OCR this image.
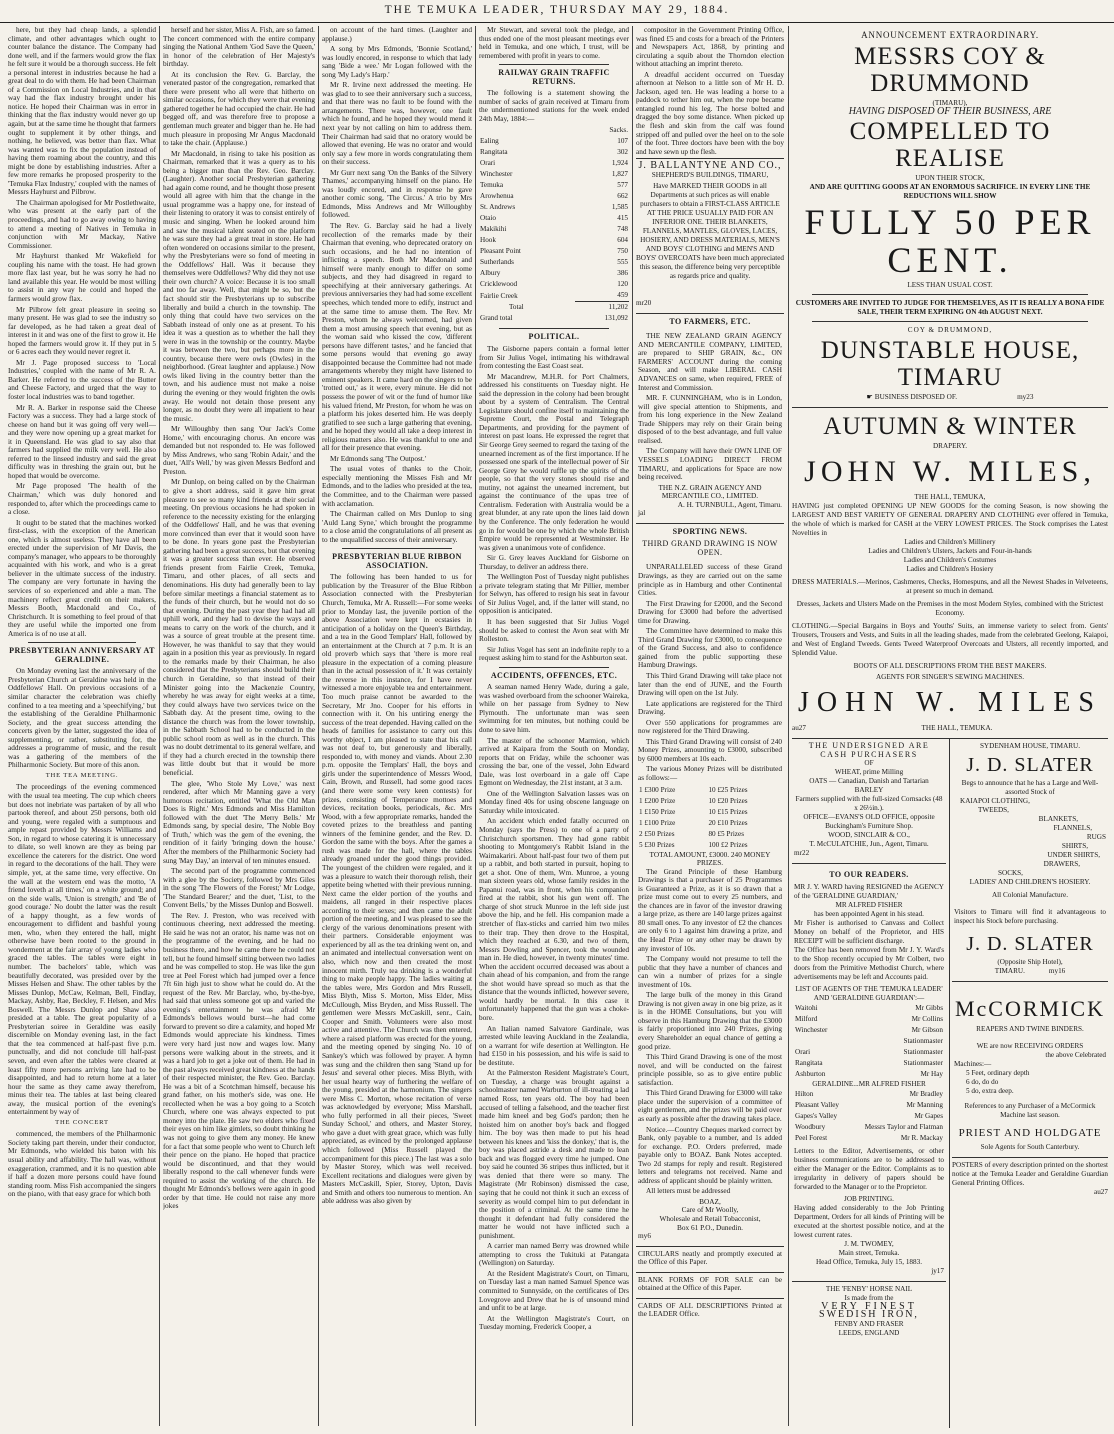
THE TEMUKA LEADER, THURSDAY MAY 29, 1884.

here, but they had cheap lands, a splendid climate, and other advantages which ought to counter balance the distance. The Company had done well, and if the farmers would grow the flax he felt sure it would be a thorough success. He felt a personal interest in industries because he had a great deal to do with them. He had been Chairman of a Commission on Local Industries, and in that way had the flax industry brought under his notice. He hoped their Chairman was in error in thinking that the flax industry would never go up again, but at the same time he thought that farmers ought to supplement it by other things, and nothing, he believed, was better than flax. What was wanted was to fix the population instead of having them roaming about the country, and this might be done by establishing industries. After a few more remarks he proposed prosperity to the 'Temuka Flax Industry,' coupled with the names of Messrs Hayhurst and Pilbrow.

The Chairman apologised for Mr Postlethwaite, who was present at the early part of the proceedings, and had to go away owing to having to attend a meeting of Natives in Temuka in conjunction with Mr Mackay, Native Commissioner.

Mr Hayhurst thanked Mr Wakefield for coupling his name with the toast. He had grown more flax last year, but he was sorry he had no land available this year. He would be most willing to assist in any way he could and hoped the farmers would grow flax.

Mr Pilbrow felt great pleasure in seeing so many present. He was glad to see the industry so far developed, as he had taken a great deal of interest in it and was one of the first to grow it. He hoped the farmers would grow it. If they put in 5 or 6 acres each they would never regret it.

Mr J. Page proposed success to 'Local Industries,' coupled with the name of Mr R. A. Barker. He referred to the success of the Butter and Cheese Factory, and urged that the way to foster local industries was to band together.

Mr R. A. Barker in response said the Cheese Factory was a success. They had a large stock of cheese on hand but it was going off very well—and they were now opening up a great market for it in Queensland. He was glad to say also that farmers had supplied the milk very well. He also referred to the linseed industry and said the great difficulty was in threshing the grain out, but he hoped that would be overcome.

Mr Page proposed 'The health of the Chairman,' which was duly honored and responded to, after which the proceedings came to a close.

It ought to be stated that the machines worked first-class, with the exception of the American one, which is almost useless. They have all been erected under the supervision of Mr Davis, the company's manager, who appears to be thoroughly acquainted with his work, and who is a great believer in the ultimate success of the industry. The company are very fortunate in having the services of so experienced and able a man. The machinery reflect great credit on their makers, Messrs Booth, Macdonald and Co., of Christchurch. It is something to feel proud of that they are useful while the imported one from America is of no use at all.

PRESBYTERIAN ANNIVERSARY AT GERALDINE.

On Monday evening last the anniversary of the Presbyterian Church at Geraldine was held in the Oddfellows' Hall. On previous occasions of a similar character the celebration was chiefly confined to a tea meeting and a 'speechifying,' but the establishing of the Geraldine Philharmonic Society, and the great success attending the concerts given by the latter, suggested the idea of supplementing, or rather, substituting for, the addresses a programme of music, and the result was a gathering of the members of the Philharmonic Society. But more of this anon.

THE TEA MEETING.

The proceedings of the evening commenced with the usual tea meeting. The cup which cheers but does not inebriate was partaken of by all who partook thereof, and about 250 persons, both old and young, were regaled with a sumptuous and ample repast provided by Messrs Williams and Son, in regard to whose catering it is unnecessary to dilate, so well known are they as being par excellence the caterers for the district. One word in regard to the decorations of the hall. They were simple, yet, at the same time, very effective. On the wall at the western end was the motto, 'A friend loveth at all times,' on a white ground; and on the side walls, 'Union is strength,' and 'Be of good courage.' No doubt the latter was the result of a happy thought, as a few words of encouragement to diffident and bashful young men, who, when they entered the hall, might otherwise have been rooted to the ground in wonderment at the fair array of young ladies who graced the tables. The tables were eight in number. The bachelors' table, which was beautifully decorated, was presided over by the Misses Helsen and Shaw. The other tables by the Misses Dunlop, McCaw, Kelman, Bell, Findlay, Mackay, Ashby, Rae, Beckley, F. Helsen, and Mrs Boswell. The Messrs Dunlop and Shaw also presided at a table. The great popularity of a Presbyterian soiree in Geraldine was easily discernible on Monday evening last, in the fact that the tea commenced at half-past five p.m. punctually, and did not conclude till half-past seven, and even after the tables were cleared at least fifty more persons arriving late had to be disappointed, and had to return home at a later hour the same as they came away therefrom, minus their tea. The tables at last being cleared away, the musical portion of the evening's entertainment by way of

THE CONCERT

commenced, the members of the Philharmonic Society taking part therein, under their conductor, Mr Edmonds, who wielded his baton with his usual ability and affability. The hall was, without exaggeration, crammed, and it is no question able if half a dozen more persons could have found standing room. Miss Fish accompanied the singers on the piano, with that easy grace for which both

herself and her sister, Miss A. Fish, are so famed. The concert commenced with the entire company singing the National Anthem 'God Save the Queen,' in honor of the celebration of Her Majesty's birthday.

At its conclusion the Rev. G. Barclay, the venerated pastor of the congregation, remarked that there were present who all were that hitherto on similar occasions, for which they were that evening gathered together he had occupied the chair. He had begged off, and was therefore free to propose a gentleman much greater and bigger than he. He had much pleasure in proposing Mr Angus Macdonald to take the chair. (Applause.)

Mr Macdonald, in rising to take his position as Chairman, remarked that it was a query as to his being a bigger man than the Rev. Geo. Barclay. (Laughter). Another social Presbyterian gathering had again come round, and he thought those present would all agree with him that the change in the usual programme was a happy one, for instead of their listening to oratory it was to consist entirely of music and singing. When he looked around him and saw the musical talent seated on the platform he was sure they had a great treat in store. He had often wondered on occasions similar to the present, why the Presbyterians were so fond of meeting in the Oddfellows' Hall. Was it because they themselves were Oddfellows? Why did they not use their own church? A voice: Because it is too small and too far away. Well, that might be so, but the fact should stir the Presbyterians up to subscribe liberally and build a church in the township. The only thing that could have two services on the Sabbath instead of only one as at present. To his idea it was a question as to whether the hall they were in was in the township or the country. Maybe it was between the two, but perhaps more in the country, because there were owls (Owles) in the neighborhood. (Great laughter and applause.) Now owls liked living in the country better than the town, and his audience must not make a noise during the evening or they would frighten the owls away. He would not detain those present any longer, as no doubt they were all impatient to hear the music.

Mr Willoughby then sang 'Our Jack's Come Home,' with encouraging chorus. An encore was demanded but not responded to. He was followed by Miss Andrews, who sang 'Robin Adair,' and the duet, 'All's Well,' by was given Messrs Bedford and Preston.

Mr Dunlop, on being called on by the Chairman to give a short address, said it gave him great pleasure to see so many kind friends at their social meeting. On previous occasions he had spoken in reference to the necessity existing for the enlarging of the Oddfellows' Hall, and he was that evening more convinced than ever that it would soon have to be done. In years gone past the Presbyterian gathering had been a great success, but that evening it was a greater success than ever. He observed friends present from Fairlie Creek, Temuka, Timaru, and other places, of all sects and denominations. His duty had generally been to lay before similar meetings a financial statement as to the funds of their church, but he would not do so that evening. During the past year they had had all uphill work, and they had to devise the ways and means to carry on the work of the church, and it was a source of great trouble at the present time. However, he was thankful to say that they would again in a position this year as previously. In regard to the remarks made by their Chairman, he also considered that the Presbyterians should build their church in Geraldine, so that instead of their Minister going into the Mackenzie Country, whereby he was away for eight weeks at a time, they could always have two services twice on the Sabbath day. At the present time, owing to the distance the church was from the lower township, in the Sabbath School had to be conducted in the public school room as well as in the church. This was no doubt detrimental to its general welfare, and if they had a church erected in the township there was little doubt but that it would be more beneficial.

The glee, 'Who Stole My Love,' was next rendered, after which Mr Manning gave a very humorous recitation, entitled 'What the Old Man Does is Right.' Mrs Edmonds and Miss Hamilton followed with the duet 'The Merry Bells.' Mr Edmonds sang, by special desire, 'The Noble Boy of Truth,' which was the gem of the evening, the rendition of it fairly 'bringing down the house.' After the members of the Philharmonic Society had sung 'May Day,' an interval of ten minutes ensued.

The second part of the programme commenced with a glee by the Society, followed by Mrs Giles in the song 'The Flowers of the Forest;' Mr Lodge, 'The Standard Bearer;' and the duet, 'List, to the Convent Bells,' by the Misses Dunlop and Boswell.

The Rev. J. Preston, who was received with continuous cheering, next addressed the meeting. He said he was not an orator, his name was not on the programme of the evening, and he had no business there, and how he came there he could not tell, but he found himself sitting between two ladies and he was compelled to stop. He was like the gun tree at Peel Forest which had jumped over a fence 7ft 6in high just to show what he could do. At the request of the Rev. Mr Barclay, who, by-the-bye, had said that unless someone got up and varied the evening's entertainment he was afraid Mr Edmonds's bellows would burst—he had come forward to prevent so dire a calamity, and hoped Mr Edmonds would appreciate his kindness. Times were very hard just now and wages low. Many persons were walking about in the streets, and it was a hard job to get a joke out of them. He had in the past always received great kindness at the hands of their respected minister, the Rev. Geo. Barclay. He was a bit of a Scotchman himself, because his grand father, on his mother's side, was one. He recollected when he was a boy going to a Scotch Church, where one was always expected to put money into the plate. He saw two elders who fixed their eyes on him like gimlets, so doubt thinking he was not going to give them any money. He knew for a fact that some people who went to Church left their pence on the piano. He hoped that practice would be discontinued, and that they would liberally respond to the call whenever funds were required to assist the working of the church. He thought Mr Edmonds's bellows were again in good order by that time. He could not raise any more jokes

on account of the hard times. (Laughter and applause.)

A song by Mrs Edmonds, 'Bonnie Scotland,' was loudly encored, in response to which that lady sang 'Bide a wee.' Mr Logan followed with the song 'My Lady's Harp.'

Mr R. Irvine next addressed the meeting. He was glad to to see their anniversary such a success, and that there was no fault to be found with the arrangements. There was, however, one fault which he found, and he hoped they would mend it next year by not calling on him to address them. Their Chairman had said that no oratory would be allowed that evening. He was no orator and would only say a few more in words congratulating them on their success.

Mr Gurr next sang 'On the Banks of the Silvery Thames,' accompanying himself on the piano. He was loudly encored, and in response he gave another comic song, 'The Circus.' A trio by Mrs Edmonds, Miss Andrews and Mr Willoughby followed.

The Rev. G. Barclay said he had a lively recollection of the remarks made by their Chairman that evening, who deprecated oratory on such occasions, and he had no intention of inflicting a speech. Both Mr Macdonald and himself were manly enough to differ on some subjects, and they had disagreed in regard to speechifying at their anniversary gatherings. At previous anniversaries they had had some excellent speeches, which tended more to edify, instruct and at the same time to amuse them. The Rev. Mr Preston, whom he always welcomed, had given them a most amusing speech that evening, but as the woman said who kissed the cow, 'different persons have different tastes,' and he fancied that some persons would that evening go away disappointed because the Committee had not made arrangements whereby they might have listened to eminent speakers. It came hard on the singers to be 'trotted out,' as it were, every minute. He did not possess the power of wit or the fund of humor like his valued friend, Mr Preston, for whom he was on a platform his jokes deserted him. He was deeply gratified to see such a large gathering that evening, and he hoped they would all take a deep interest in religious matters also. He was thankful to one and all for their presence that evening.

Mr Edmonds sang 'The Outpost.'

The usual votes of thanks to the Choir, especially mentioning the Misses Fish and Mr Edmonds, and to the ladies who presided at the tea, the Committee, and to the Chairman were passed with acclamation.

The Chairman called on Mrs Dunlop to sing 'Auld Lang Syne,' which brought the programme to a close amid the congratulations of all present as to the unqualified success of their anniversary.

PRESBYTERIAN BLUE RIBBON ASSOCIATION.

The following has been handed to us for publication by the Treasurer of the Blue Ribbon Association connected with the Presbyterian Church, Temuka, Mr A. Russell:—For some weeks prior to Monday last, the juvenile portion of the above Association were kept in ecstasies in anticipation of a holiday on the Queen's Birthday, and a tea in the Good Templars' Hall, followed by an entertainment at the Church at 7 p.m. It is an old proverb which says that 'there is more real pleasure in the expectation of a coming pleasure than in the actual possession of it.' It was certainly the reverse in this instance, for I have never witnessed a more enjoyable tea and entertainment. Too much praise cannot be awarded to the Secretary, Mr Jno. Cooper for his efforts in connection with it. On his untiring energy the success of the treat depended. Having called on the heads of families for assistance to carry out this worthy object, I am pleased to state that his call was not deaf to, but generously and liberally, responded to, with money and viands. About 2.30 p.m. opposite the Templars' Hall, the boys and girls under the superintendence of Messrs Wood, Cain, Brown, and Russell, had some good races (and there were some very keen contests) for prizes, consisting of Temperance mottoes and devices, recitation books, periodicals, &c. Mrs Wood, with a few appropriate remarks, handed the coveted prizes to the breathless and panting winners of the feminine gender, and the Rev. D. Gordon the same with the boys. After the games a rush was made for the hall, where the tables already groaned under the good things provided. The youngest of the children were regaled, and it was a pleasure to watch their thorough relish, their appetite being whetted with their previous running. Next came the elder portion of the youths and maidens, all ranged in their respective places according to their sexes; and then came the adult portion of the meeting, and I was pleased to see the clergy of the various denominations present with their partners. Considerable enjoyment was experienced by all as the tea drinking went on, and an animated and intellectual conversation went on also, which now and then created the most innocent mirth. Truly tea drinking is a wonderful thing to make people happy. The ladies waiting at the tables were, Mrs Gordon and Mrs Russell, Miss Blyth, Miss S. Morton, Miss Elder, Miss McCullough, Miss Bryden, and Miss Russell. The gentlemen were Messrs McCaskill, senr., Cain, Cooper and Smith. Volunteers were also most active and attentive. The Church was then entered, where a raised platform was erected for the young, and the meeting opened by singing No. 10 of Sankey's which was followed by prayer. A hymn was sung and the children then sang 'Stand up for Jesus' and several other pieces. Miss Blyth, with her usual hearty way of furthering the welfare of the young, presided at the harmonium. The singers were Miss C. Morton, whose recitation of verse was acknowledged by everyone; Miss Marshall, who fully performed in all their pieces, 'Sweet Sunday School,' and others, and Master Storey, who gave a duet with great grace, which was fully appreciated, as evinced by the prolonged applause which followed (Miss Russell played the accompaniment for this piece.) The last was a solo by Master Storey, which was well received. Excellent recitations and dialogues were given by Masters McCaskill, Spier, Storey, Upton, Davis and Smith and others too numerous to mention. An able address was also given by

Mr Stewart, and several took the pledge, and thus ended one of the most pleasant meetings ever held in Temuka, and one which, I trust, will be remembered with profit in years to come.

RAILWAY GRAIN TRAFFIC RETURNS.

The following is a statement showing the number of sacks of grain received at Timaru from the undermentioned stations for the week ended 24th May, 1884:—

	Sacks.
Ealing	107
Rangitata	302
Orari	1,924
Winchester	1,827
Temuka	577
Arowhenua	662
St. Andrews	1,585
Otaio	415
Makikihi	748
Hook	604
Pleasant Point	750
Sutherlands	555
Albury	386
Cricklewood	120
Fairlie Creek	459
Total	11,202
Grand total	131,092
POLITICAL.

The Gisborne papers contain a formal letter from Sir Julius Vogel, intimating his withdrawal from contesting the East Coast seat.

Mr Macandrew, M.H.R. for Port Chalmers, addressed his constituents on Tuesday night. He said the depression in the colony had been brought about by a system of Centralism. The Central Legislature should confine itself to maintaining the Supreme Court, the Postal and Telegraph Departments, and providing for the payment of interest on past loans. He expressed the regret that Sir George Grey seemed to regard the taxing of the unearned increment as of the first importance. If he possessed one spark of the intellectual power of Sir George Grey he would ruffle up the spirits of the people, so that the very stones should rise and mutiny, not against the unearned increment, but against the continuance of the upas tree of Centralism. Federation with Australia would be a great blunder, at any rate upon the lines laid down by the Conference. The only federation he would go in for would be one by which the whole British Empire would be represented at Westminster. He was given a unanimous vote of confidence.

Sir G. Grey leaves Auckland for Gisborne on Thursday, to deliver an address there.

The Wellington Post of Tuesday night publishes a private telegram stating that Mr Pillier, member for Selwyn, has offered to resign his seat in favour of Sir Julius Vogel, and, if the latter will stand, no opposition is anticipated.

It has been suggested that Sir Julius Vogel should be asked to contest the Avon seat with Mr Rolleston.

Sir Julius Vogel has sent an indefinite reply to a request asking him to stand for the Ashburton seat.

ACCIDENTS, OFFENCES, ETC.

A seaman named Henry Wade, during a gale, was washed overboard from the schooner Waireka, while on her passage from Sydney to New Plymouth. The unfortunate man was seen swimming for ten minutes, but nothing could be done to save him.

The master of the schooner Marmion, which arrived at Kaipara from the South on Monday, reports that on Friday, while the schooner was crossing the bar, one of the vessel, John Edward Dale, was lost overboard in a gale off Cape Egmont on Wednesday, the 21st instant, at 3 a.m.

One of the Wellington Salvation lasses was on Monday fined 40s for using obscene language on Saturday while intoxicated.

An accident which ended fatally occurred on Monday (says the Press) to one of a party of Christchurch sportsmen. They had gone rabbit shooting to Montgomery's Rabbit Island in the Waimakariri. About half-past four two of them put up a rabbit, and both started in pursuit, hoping to get a shot. One of them, Wm. Munroe, a young man sixteen years old, whose family resides in the Papanui road, was in front, when his companion fired at the rabbit, shot his gun went off. The charge of shot struck Munroe in the left side just above the hip, and he fell. His companion made a stretcher of flax-sticks and carried him two miles to their trap. They then drove to the Hospital, which they reached at 6.30, and two of them, Messrs Dowling and Spencer, took the wounded man in. He died, however, in twenty minutes' time. When the accident occurred deceased was about a chain ahead of his companion, and from the range the shot would have spread so much as that the distance that the wounds inflicted, however severe, would hardly be mortal. In this case it unfortunately happened that the gun was a choke-bore.

An Italian named Salvatore Gardinale, was arrested while leaving Auckland in the Zealandia, on a warrant for wife desertion at Wellington. He had £150 in his possession, and his wife is said to be destitute.

At the Palmerston Resident Magistrate's Court, on Tuesday, a charge was brought against a schoolmaster named Warburton of ill-treating a lad named Ross, ten years old. The boy had been accused of telling a falsehood, and the teacher first made him kneel and beg God's pardon; then he hoisted him on another boy's back and flogged him. The boy was then made to put his head between his knees and 'kiss the donkey,' that is, the boy was placed astride a desk and made to lean back and was flogged every time he jumped. One boy said he counted 36 stripes thus inflicted, but it was denied that there were so many. The Magistrate (Mr Robinson) dismissed the case, saying that he could not think it such an excess of severity as would compel him to put defendant in the position of a criminal. At the same time he thought it defendant had fully considered the matter he would not have inflicted such a punishment.

A carrier man named Berry was drowned while attempting to cross the Tukituki at Patangata (Wellington) on Saturday.

At the Resident Magistrate's Court, on Timaru, on Tuesday last a man named Samuel Spence was committed to Sunnyside, on the certificates of Drs Lovegrove and Drew that he is of unsound mind and unfit to be at large.

At the Wellington Magistrate's Court, on Tuesday morning, Frederick Cooper, a

compositor in the Government Printing Office, was fined £5 and costs for a breach of the Printers and Newspapers Act, 1868, by printing and circulating a squib about the Thorndon election without attaching an imprint thereto.

A dreadful accident occurred on Tuesday afternoon at Nelson to a little son of Mr H. D. Jackson, aged ten. He was leading a horse to a paddock to tether him out, when the rope became entangled round his leg. The horse bolted and dragged the boy some distance. When picked up the flesh and skin from the calf was found stripped off and pulled over the heel on to the sole of the foot. Three doctors have been with the boy and have sewn up the flesh.

J. BALLANTYNE AND CO.,
SHEPHERD'S BUILDINGS, TIMARU,
Have MARKED THEIR GOODS in all Departments at such prices as will enable purchasers to obtain a FIRST-CLASS ARTICLE AT THE PRICE USUALLY PAID FOR AN INFERIOR ONE. THEIR BLANKETS, FLANNELS, MANTLES, GLOVES, LACES, HOSIERY, AND DRESS MATERIALS, MEN'S AND BOYS' CLOTHING and MEN'S AND BOYS' OVERCOATS have been much appreciated this season, the difference being very perceptible as regards price and quality.
mr20
TO FARMERS, ETC.

THE NEW ZEALAND GRAIN AGENCY AND MERCANTILE COMPANY, LIMITED, are prepared to SHIP GRAIN, &c., ON FARMERS' ACCOUNT during the coming Season, and will make LIBERAL CASH ADVANCES on same, when required, FREE of Interest and Commission.

MR. F. CUNNINGHAM, who is in London, will give special attention to Shipments, and from his long experience in the New Zealand Trade Shippers may rely on their Grain being disposed of to the best advantage, and full value realised.

The Company will have their OWN LINE OF VESSELS LOADING DIRECT FROM TIMARU, and applications for Space are now being received.

THE N.Z. GRAIN AGENCY AND MERCANTILE CO., LIMITED.
A. H. TURNBULL, Agent, Timaru.
jal
SPORTING NEWS.
THIRD GRAND DRAWING IS NOW OPEN.

UNPARALLELED success of these Grand Drawings, as they are carried out on the same principle as in Hamburg and other Continental Cities.

The First Drawing for £2000, and the Second Drawing for £3000 had before the advertised time for Drawing.

The Committee have determined to make this Third Grand Drawing for £3000, to consequence of the Grand Success, and also to confidence gained from the public supporting these Hamburg Drawings.

This Third Grand Drawing will take place not later than the end of JUNE, and the Fourth Drawing will open on the 1st July.

Late applications are registered for the Third Drawing.

Over 550 applications for programmes are now registered for the Third Drawing.

This Third Grand Drawing will consist of 240 Money Prizes, amounting to £3000, subscribed by 6000 members at 10s each.

The various Money Prizes will be distributed as follows:—

1 £300 Prize	10 £25 Prizes
1 £200 Prize	10 £20 Prizes
1 £150 Prize	10 £15 Prizes
1 £100 Prize	20 £10 Prizes
2 £50 Prizes	80 £5 Prizes
5 £30 Prizes	100 £2 Prizes
TOTAL AMOUNT, £3000. 240 MONEY PRIZES.

The Grand Principle of these Hamburg Drawings is that a purchaser of 25 Programmes is Guaranteed a Prize, as it is so drawn that a prize must come out to every 25 numbers, and the chances are in favor of the investor drawing a large prize, as there are 140 large prizes against 80 small ones. To any investor of £2 the chances are only 6 to 1 against him drawing a prize, and the Head Prize or any other may be drawn by any investor of 10s.

The Company would not presume to tell the public that they have a number of chances and can win a number of prizes for a single investment of 10s.

The large bulk of the money in this Grand Drawing is not given away in one big prize, as it is in the HOME Consultations, but you will observe in this Hamburg Drawing that the £3000 is fairly proportioned into 240 Prizes, giving every Shareholder an equal chance of getting a good prize.

This Third Grand Drawing is one of the most novel, and will be conducted on the fairest principle possible, so as to give entire public satisfaction.

This Third Grand Drawing for £3000 will take place under the supervision of a committee of eight gentlemen, and the prizes will be paid over as early as possible after the drawing takes place.

Notice.—Country Cheques marked correct by Bank, only payable to a number, and 1s added for exchange. P.O. Orders preferred, made payable only to BOAZ. Bank Notes accepted. Two 2d stamps for reply and result. Registered letters and telegrams not received. Name and address of applicant should be plainly written.

All letters must be addressed

BOAZ,
Care of Mr Woolly,
Wholesale and Retail Tobacconist,
Box 61 P.O., Dunedin.
my6
CIRCULARS neatly and promptly executed at the Office of this Paper.
BLANK FORMS OF FOR SALE can be obtained at the Office of this Paper.
CARDS OF ALL DESCRIPTIONS Printed at the LEADER Office.
ANNOUNCEMENT EXTRAORDINARY.
MESSRS COY & DRUMMOND
(TIMARU),
HAVING DISPOSED OF THEIR BUSINESS, ARE
COMPELLED TO REALISE
UPON THEIR STOCK,
AND ARE QUITTING GOODS AT AN ENORMOUS SACRIFICE. IN EVERY LINE THE REDUCTIONS WILL SHOW
FULLY 50 PER CENT.
LESS THAN USUAL COST.
CUSTOMERS ARE INVITED TO JUDGE FOR THEMSELVES, AS IT IS REALLY A BONA FIDE SALE, THEIR TERM EXPIRING ON 4th AUGUST NEXT.
COY & DRUMMOND,
DUNSTABLE HOUSE, TIMARU
☛ BUSINESS DISPOSED OF.	my23
AUTUMN & WINTER
DRAPERY.
JOHN W. MILES,
THE HALL, TEMUKA,
HAVING just completed OPENING UP NEW GOODS for the coming Season, is now showing the LARGEST AND BEST VARIETY OF GENERAL DRAPERY AND CLOTHING ever offered in Temuka, the whole of which is marked for CASH at the VERY LOWEST PRICES. The Stock comprises the Latest Novelties in
Ladies and Children's Millinery
Ladies and Children's Ulsters, Jackets and Four-in-hands
Ladies and Children's Costumes
Ladies and Children's Hosiery
DRESS MATERIALS.—Merinos, Cashmeres, Checks, Homespuns, and all the Newest Shades in Velveteens, at present so much in demand.
Dresses, Jackets and Ulsters Made on the Premises in the most Modern Styles, combined with the Strictest Economy.
CLOTHING.—Special Bargains in Boys and Youths' Suits, an immense variety to select from. Gents' Trousers, Trousers and Vests, and Suits in all the leading shades, made from the celebrated Geelong, Kaiapoi, and West of England Tweeds. Gents Tweed Waterproof Overcoats and Ulsters, all recently imported, and Splendid Value.
BOOTS OF ALL DESCRIPTIONS FROM THE BEST MAKERS.
AGENTS FOR SINGER'S SEWING MACHINES.
JOHN W. MILES
au27	THE HALL, TEMUKA.
THE UNDERSIGNED ARE CASH PURCHASERS
OF
WHEAT, prime Milling
OATS — Canadian, Danish and Tartarian
BARLEY
Farmers supplied with the full-sized Cornsacks (48 x 26½in.).
OFFICE—EVANS'S OLD OFFICE, opposite Buckingham's Furniture Shop.
WOOD, SINCLAIR & CO.,
T. McCULATCHIE, Jun., Agent, Timaru.
mr22
TO OUR READERS.
MR J. Y. WARD having RESIGNED the AGENCY of the 'GERALDINE GUARDIAN,'
MR ALFRED FISHER
has been appointed Agent in his stead.
Mr Fisher is authorised to Canvass and Collect Money on behalf of the Proprietor, and HIS RECEIPT will be sufficient discharge.
The Office has been removed from Mr J. Y. Ward's to the Shop recently occupied by Mr Colbert, two doors from the Primitive Methodist Church, where advertisements may be left and Accounts paid.
LIST OF AGENTS OF THE 'TEMUKA LEADER' AND 'GERALDINE GUARDIAN':—
Waitohi	Mr Gibbs
Milford	Mr Collins
Winchester	Mr Gibson
	Stationmaster
Orari	Stationmaster
Rangitata	Stationmaster
Ashburton	Mr Hay
GERALDINE...MR ALFRED FISHER
Hilton	Mr Bradley
Pleasant Valley	Mr Manning
Gapes's Valley	Mr Gapes
Woodbury	Messrs Taylor and Flatman
Peel Forest	Mr R. Mackay
Letters to the Editor, Advertisements, or other business communications are to be addressed to either the Manager or the Editor. Complaints as to irregularity in delivery of papers should be forwarded to the Manager or to the Proprietor.
JOB PRINTING.
Having added considerably to the Job Printing Department, Orders for all kinds of Printing will be executed at the shortest possible notice, and at the lowest current rates.
J. M. TWOMEY,
Main street, Temuka.
Head Office, Temuka, July 15, 1883.
jy17
THE 'FENBY' HORSE NAIL
Is made from the
VERY FINEST
SWEDISH IRON,
FENBY AND FRASER
LEEDS, ENGLAND
SYDENHAM HOUSE, TIMARU.
J. D. SLATER
Begs to announce that he has a Large and Well-assorted Stock of
KAIAPOI CLOTHING,
TWEEDS,
BLANKETS,
FLANNELS,
RUGS
SHIRTS,
UNDER SHIRTS,
DRAWERS,
SOCKS,
LADIES' AND CHILDREN'S HOSIERY.
All Colonial Manufacture.
Visitors to Timaru will find it advantageous to inspect his Stock before purchasing.
J. D. SLATER
(Opposite Ship Hotel),
TIMARU.	my16
McCORMICK
REAPERS AND TWINE BINDERS.
WE are now RECEIVING ORDERS
the above Celebrated
Machines:—
5 Feet, ordinary depth
6 do, do do
5 do, extra deep.
References to any Purchaser of a McCormick Machine last season.
PRIEST AND HOLDGATE
Sole Agents for South Canterbury.
POSTERS of every description printed on the shortest notice at the Temuka Leader and Geraldine Guardian General Printing Offices.
au27
